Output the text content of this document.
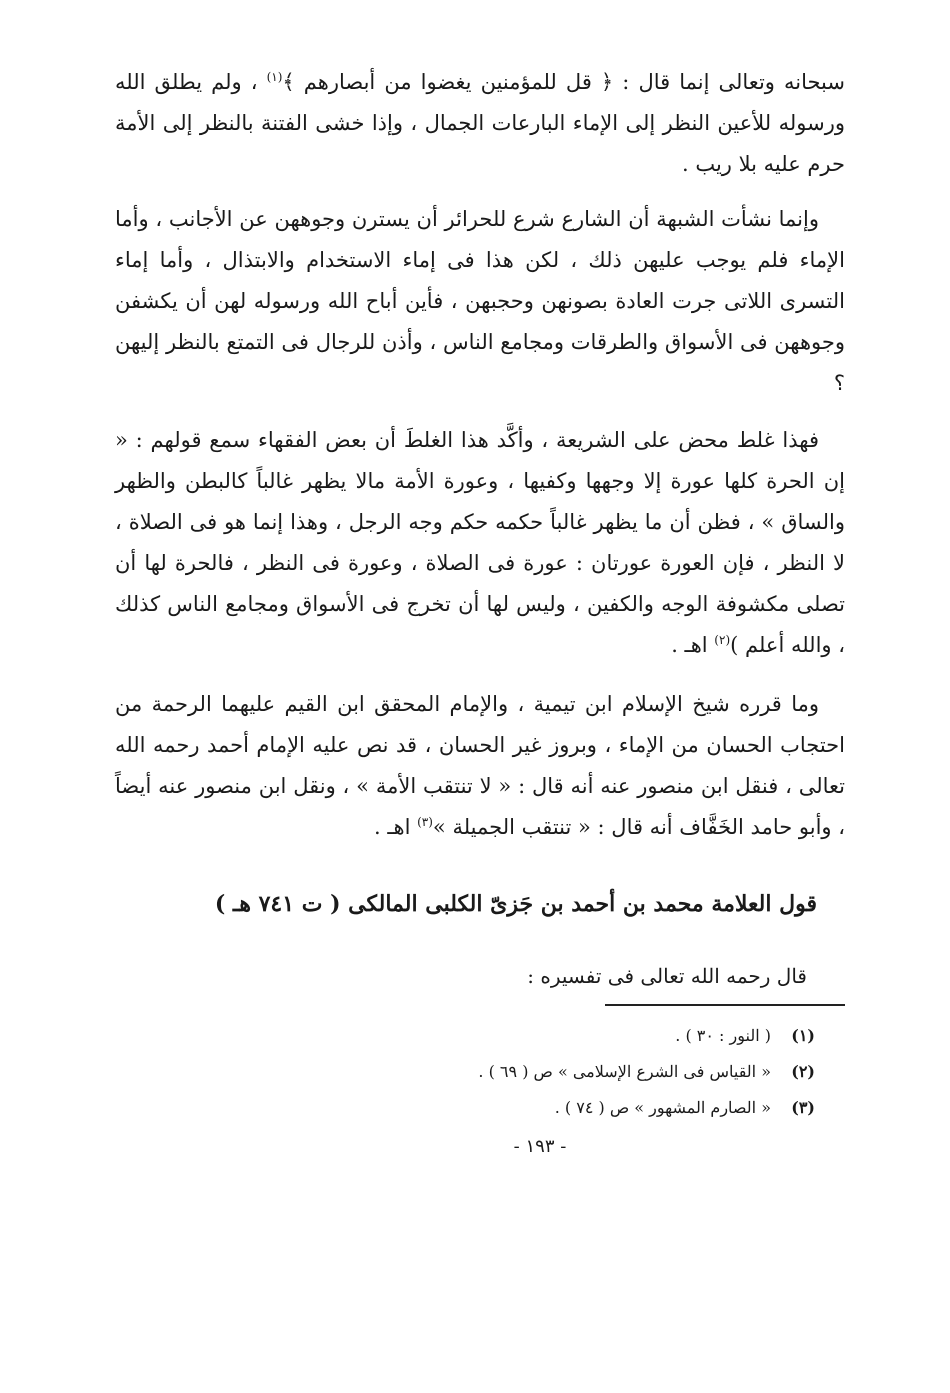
سبحانه وتعالى إنما قال : ﴿ قل للمؤمنين يغضوا من أبصارهم ﴾$^{(١)}$ ، ولم يطلق الله ورسوله للأعين النظر إلى الإماء البارعات الجمال ، وإذا خشى الفتنة بالنظر إلى الأمة حرم عليه بلا ريب .

وإنما نشأت الشبهة أن الشارع شرع للحرائر أن يسترن وجوههن عن الأجانب ، وأما الإماء فلم يوجب عليهن ذلك ، لكن هذا فى إماء الاستخدام والابتذال ، وأما إماء التسرى اللاتى جرت العادة بصونهن وحجبهن ، فأين أباح الله ورسوله لهن أن يكشفن وجوههن فى الأسواق والطرقات ومجامع الناس ، وأذن للرجال فى التمتع بالنظر إليهن ؟

فهذا غلط محض على الشريعة ، وأكَّد هذا الغلطَ أن بعض الفقهاء سمع قولهم : « إن الحرة كلها عورة إلا وجهها وكفيها ، وعورة الأمة مالا يظهر غالباً كالبطن والظهر والساق » ، فظن أن ما يظهر غالباً حكمه حكم وجه الرجل ، وهذا إنما هو فى الصلاة ، لا النظر ، فإن العورة عورتان : عورة فى الصلاة ، وعورة فى النظر ، فالحرة لها أن تصلى مكشوفة الوجه والكفين ، وليس لها أن تخرج فى الأسواق ومجامع الناس كذلك ، والله أعلم )$^{(٢)}$ اهـ .

وما قرره شيخ الإسلام ابن تيمية ، والإمام المحقق ابن القيم عليهما الرحمة من احتجاب الحسان من الإماء ، وبروز غير الحسان ، قد نص عليه الإمام أحمد رحمه الله تعالى ، فنقل ابن منصور عنه أنه قال : « لا تنتقب الأمة » ، ونقل ابن منصور عنه أيضاً ، وأبو حامد الخَفَّاف أنه قال : « تنتقب الجميلة »$^{(٣)}$ اهـ .

قول العلامة محمد بن أحمد بن جَزىّ الكلبى المالكى ( ت ٧٤١ هـ )

قال رحمه الله تعالى فى تفسيره :

(١)
( النور : ٣٠ ) .
(٢)
« القياس فى الشرع الإسلامى » ص ( ٦٩ ) .
(٣)
« الصارم المشهور » ص ( ٧٤ ) .
- ١٩٣ -
